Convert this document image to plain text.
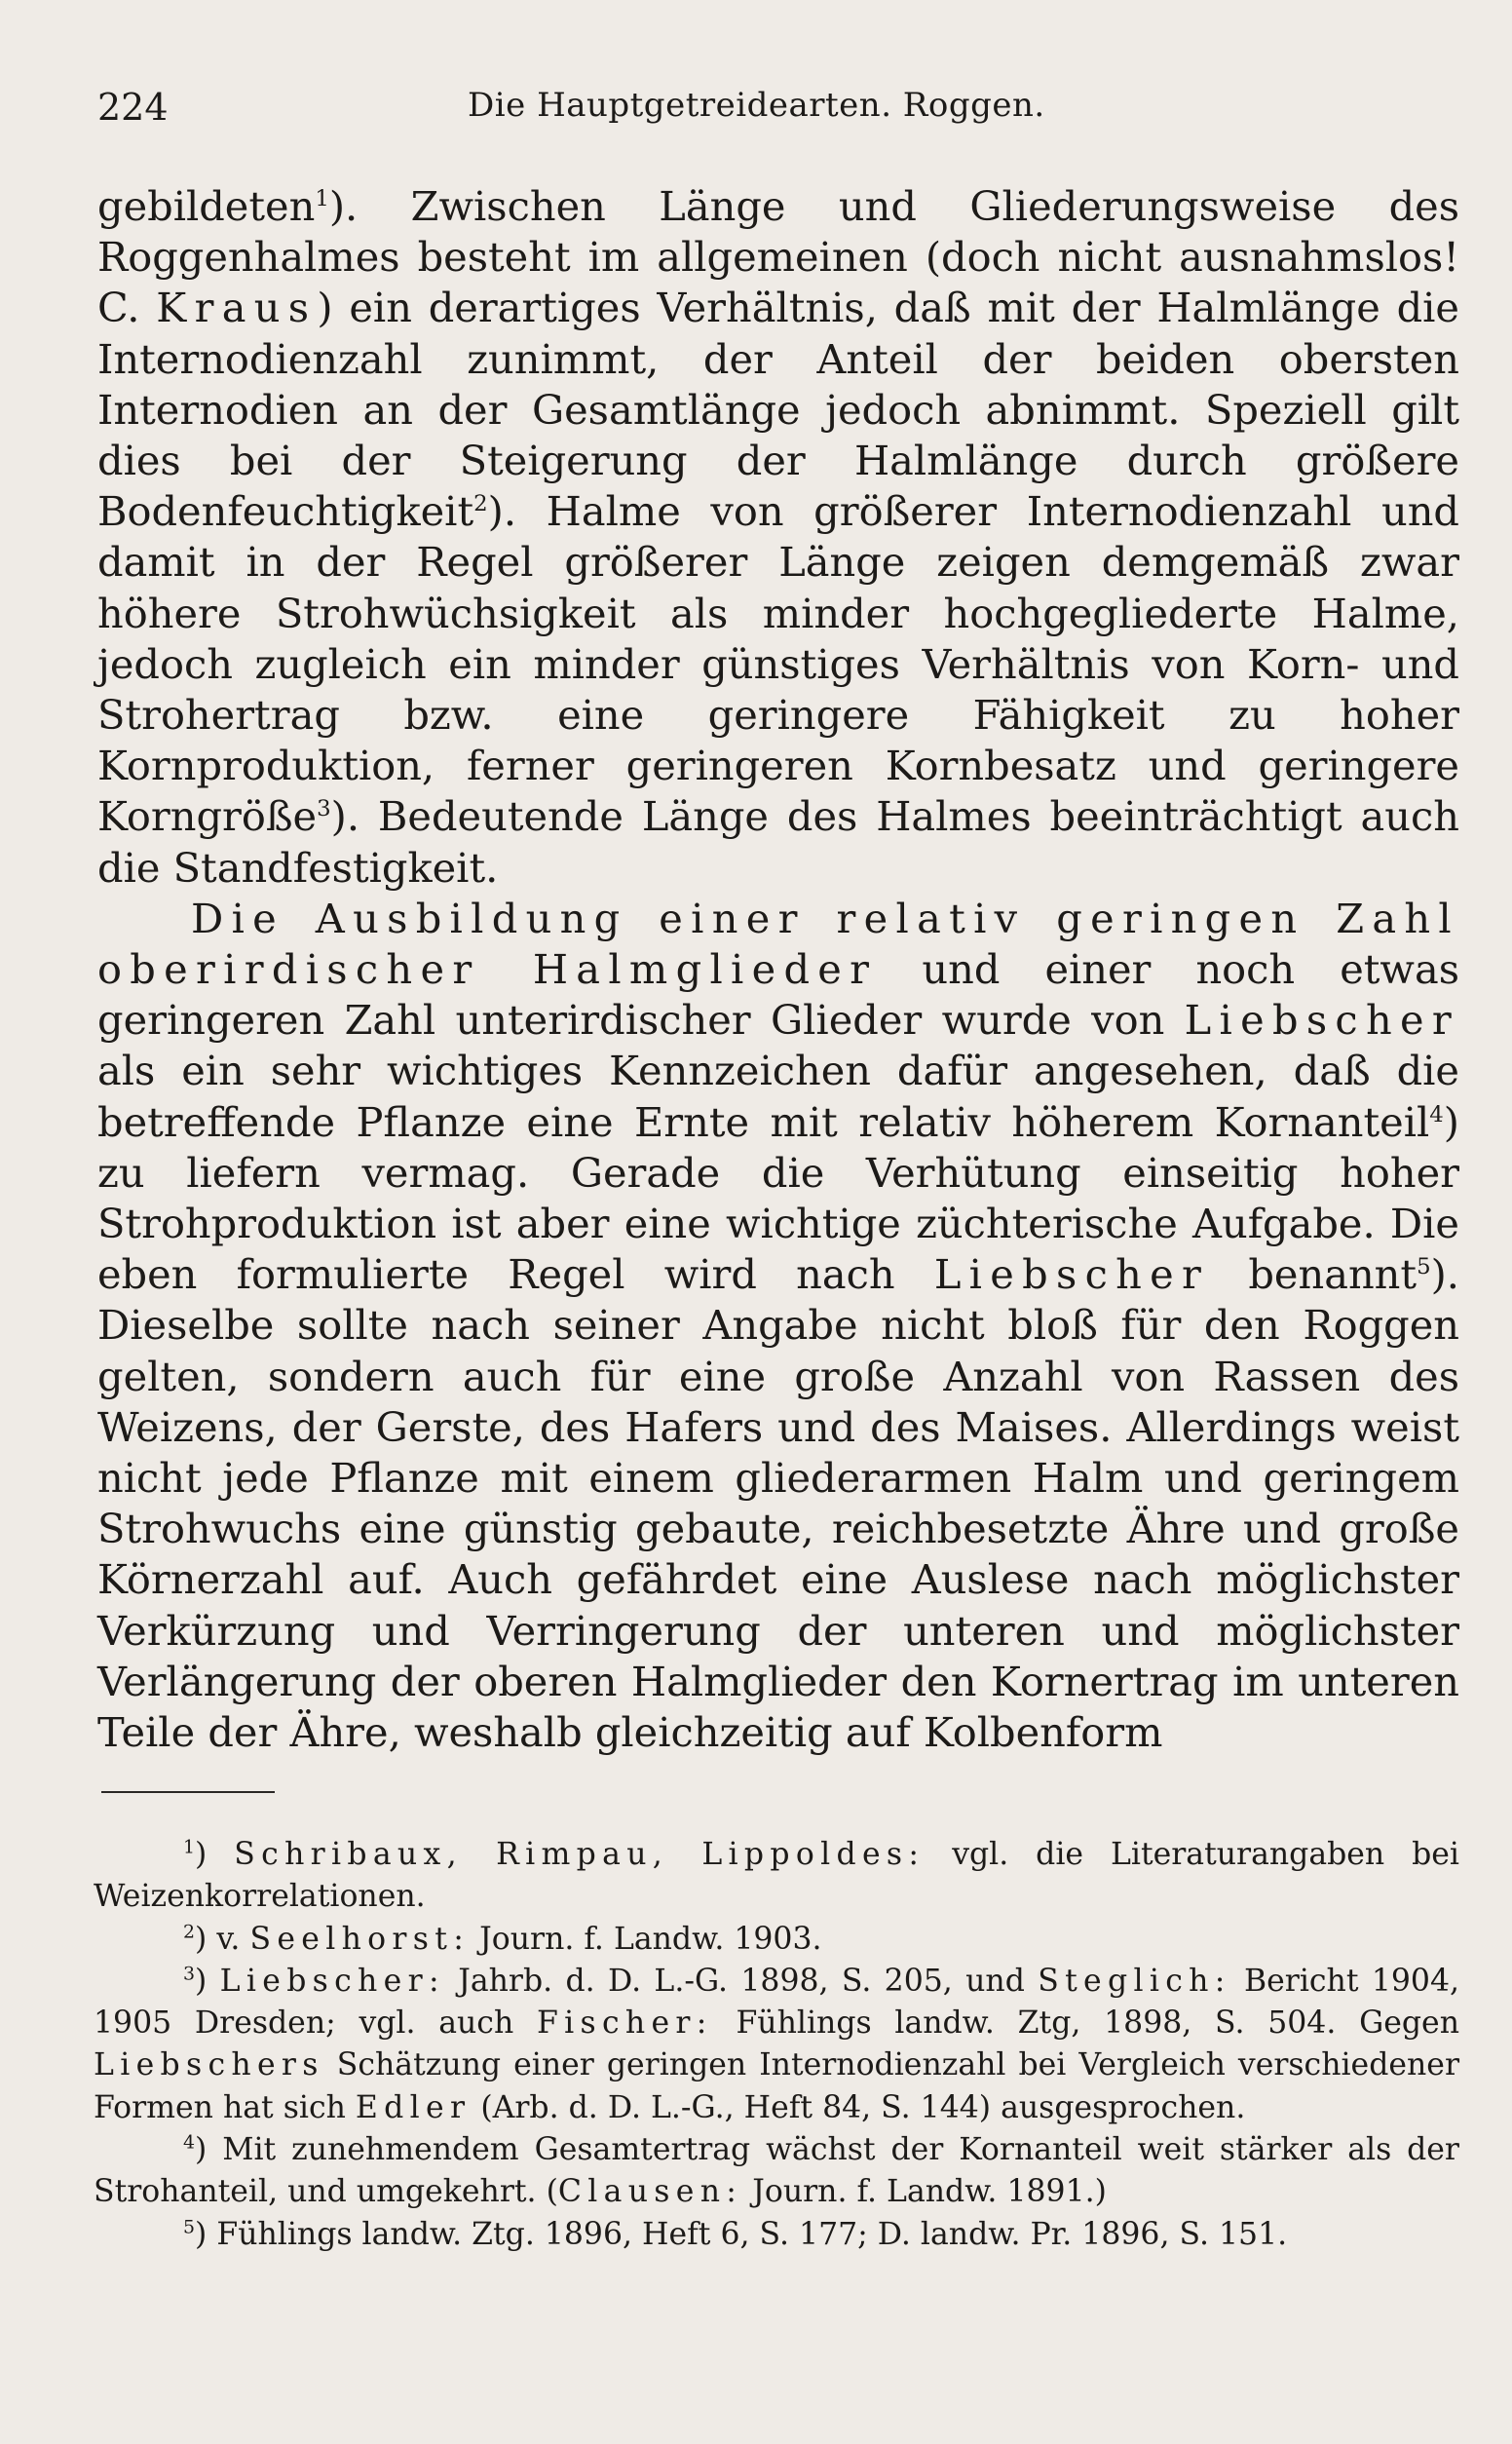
224	Die Hauptgetreidearten. Roggen.

gebildeten$^1$). Zwischen Länge und Gliederungsweise des Roggenhalmes besteht im allgemeinen (doch nicht ausnahmslos! C. Kraus) ein derartiges Verhältnis, daß mit der Halmlänge die Internodienzahl zunimmt, der Anteil der beiden obersten Internodien an der Gesamtlänge jedoch abnimmt. Speziell gilt dies bei der Steigerung der Halmlänge durch größere Bodenfeuchtigkeit$^2$). Halme von größerer Internodienzahl und damit in der Regel größerer Länge zeigen demgemäß zwar höhere Strohwüchsigkeit als minder hochgegliederte Halme, jedoch zugleich ein minder günstiges Verhältnis von Korn- und Strohertrag bzw. eine geringere Fähigkeit zu hoher Kornproduktion, ferner geringeren Kornbesatz und geringere Korngröße$^3$). Bedeutende Länge des Halmes beeinträchtigt auch die Standfestigkeit.

Die Ausbildung einer relativ geringen Zahl oberirdischer Halmglieder und einer noch etwas geringeren Zahl unterirdischer Glieder wurde von Liebscher als ein sehr wichtiges Kennzeichen dafür angesehen, daß die betreffende Pflanze eine Ernte mit relativ höherem Kornanteil$^4$) zu liefern vermag. Gerade die Verhütung einseitig hoher Strohproduktion ist aber eine wichtige züchterische Aufgabe. Die eben formulierte Regel wird nach Liebscher benannt$^5$). Dieselbe sollte nach seiner Angabe nicht bloß für den Roggen gelten, sondern auch für eine große Anzahl von Rassen des Weizens, der Gerste, des Hafers und des Maises. Allerdings weist nicht jede Pflanze mit einem gliederarmen Halm und geringem Strohwuchs eine günstig gebaute, reichbesetzte Ähre und große Körnerzahl auf. Auch gefährdet eine Auslese nach möglichster Verkürzung und Verringerung der unteren und möglichster Verlängerung der oberen Halmglieder den Kornertrag im unteren Teile der Ähre, weshalb gleichzeitig auf Kolbenform

$^1$) Schribaux, Rimpau, Lippoldes: vgl. die Literaturangaben bei Weizenkorrelationen.

$^2$) v. Seelhorst: Journ. f. Landw. 1903.

$^3$) Liebscher: Jahrb. d. D. L.-G. 1898, S. 205, und Steglich: Bericht 1904, 1905 Dresden; vgl. auch Fischer: Fühlings landw. Ztg, 1898, S. 504. Gegen Liebschers Schätzung einer geringen Internodienzahl bei Vergleich verschiedener Formen hat sich Edler (Arb. d. D. L.-G., Heft 84, S. 144) ausgesprochen.

$^4$) Mit zunehmendem Gesamtertrag wächst der Kornanteil weit stärker als der Strohanteil, und umgekehrt. (Clausen: Journ. f. Landw. 1891.)

$^5$) Fühlings landw. Ztg. 1896, Heft 6, S. 177; D. landw. Pr. 1896, S. 151.
